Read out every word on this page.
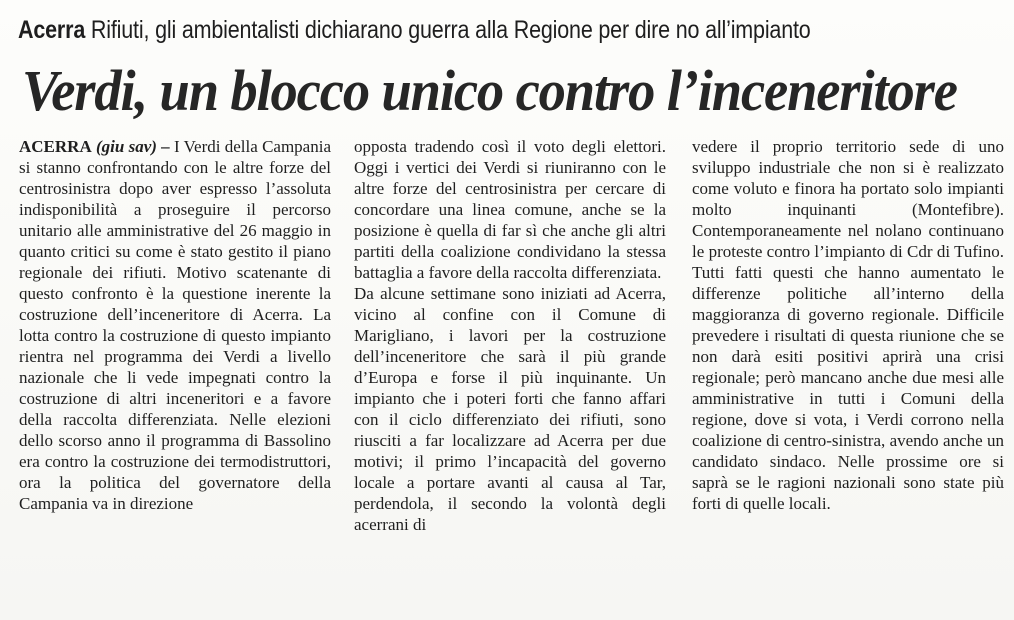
Acerra Rifiuti, gli ambientalisti dichiarano guerra alla Regione per dire no all’impianto
Verdi, un blocco unico contro l’inceneritore

ACERRA (giu sav) – I Verdi della Campania si stanno confrontando con le altre forze del centrosinistra dopo aver espresso l’assoluta indisponibilità a proseguire il percorso unitario alle amministrative del 26 maggio in quanto critici su come è stato gestito il piano regionale dei rifiuti. Motivo scatenante di questo confronto è la questione inerente la costruzione dell’inceneritore di Acerra. La lotta contro la costruzione di questo impianto rientra nel programma dei Verdi a livello nazionale che li vede impegnati contro la costruzione di altri inceneritori e a favore della raccolta differenziata. Nelle elezioni dello scorso anno il programma di Bassolino era contro la costruzione dei termodistruttori, ora la politica del governatore della Campania va in direzione

opposta tradendo così il voto degli elettori. Oggi i vertici dei Verdi si riuniranno con le altre forze del centrosinistra per cercare di concordare una linea comune, anche se la posizione è quella di far sì che anche gli altri partiti della coalizione condividano la stessa battaglia a favore della raccolta differenziata.

Da alcune settimane sono iniziati ad Acerra, vicino al confine con il Comune di Marigliano, i lavori per la costruzione dell’inceneritore che sarà il più grande d’Europa e forse il più inquinante. Un impianto che i poteri forti che fanno affari con il ciclo differenziato dei rifiuti, sono riusciti a far localizzare ad Acerra per due motivi; il primo l’incapacità del governo locale a portare avanti al causa al Tar, perdendola, il secondo la volontà degli acerrani di

vedere il proprio territorio sede di uno sviluppo industriale che non si è realizzato come voluto e finora ha portato solo impianti molto inquinanti (Montefibre). Contemporaneamente nel nolano continuano le proteste contro l’impianto di Cdr di Tufino. Tutti fatti questi che hanno aumentato le differenze politiche all’interno della maggioranza di governo regionale. Difficile prevedere i risultati di questa riunione che se non darà esiti positivi aprirà una crisi regionale; però mancano anche due mesi alle amministrative in tutti i Comuni della regione, dove si vota, i Verdi corrono nella coalizione di centro-sinistra, avendo anche un candidato sindaco. Nelle prossime ore si saprà se le ragioni nazionali sono state più forti di quelle locali.
